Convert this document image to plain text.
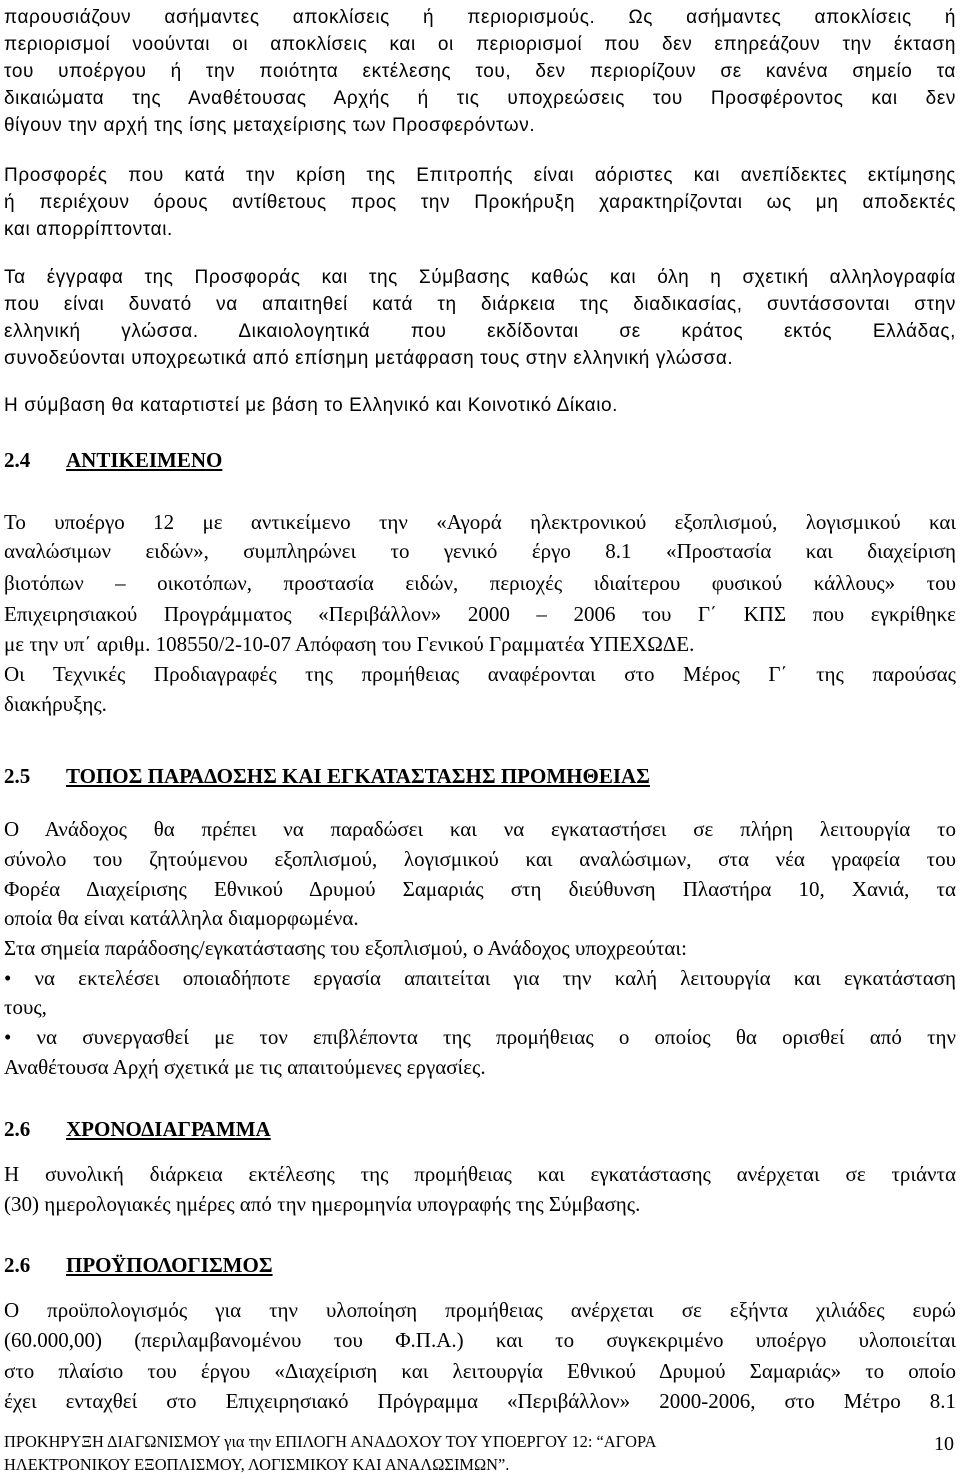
παρουσιάζουν ασήμαντες αποκλίσεις ή περιορισμούς. Ως ασήμαντες αποκλίσεις ή
περιορισμοί νοούνται οι αποκλίσεις και οι περιορισμοί που δεν επηρεάζουν την έκταση
του υποέργου ή την ποιότητα εκτέλεσης του, δεν περιορίζουν σε κανένα σημείο τα
δικαιώματα της Αναθέτουσας Αρχής ή τις υποχρεώσεις του Προσφέροντος και δεν
θίγουν την αρχή της ίσης μεταχείρισης των Προσφερόντων.
Προσφορές που κατά την κρίση της Επιτροπής είναι αόριστες και ανεπίδεκτες εκτίμησης
ή περιέχουν όρους αντίθετους προς την Προκήρυξη χαρακτηρίζονται ως μη αποδεκτές
και απορρίπτονται.
Τα έγγραφα της Προσφοράς και της Σύμβασης καθώς και όλη η σχετική αλληλογραφία
που είναι δυνατό να απαιτηθεί κατά τη διάρκεια της διαδικασίας, συντάσσονται στην
ελληνική γλώσσα. Δικαιολογητικά που εκδίδονται σε κράτος εκτός Ελλάδας,
συνοδεύονται υποχρεωτικά από επίσημη μετάφραση τους στην ελληνική γλώσσα.
Η σύμβαση θα καταρτιστεί με βάση το Ελληνικό και Κοινοτικό Δίκαιο.
2.4 ΑΝΤΙΚΕΙΜΕΝΟ
Το υποέργο 12 με αντικείμενο την «Αγορά ηλεκτρονικού εξοπλισμού, λογισμικού και
αναλώσιμων ειδών», συμπληρώνει το γενικό έργο 8.1 «Προστασία και διαχείριση
βιοτόπων – οικοτόπων, προστασία ειδών, περιοχές ιδιαίτερου φυσικού κάλλους» του
Επιχειρησιακού Προγράμματος «Περιβάλλον» 2000 – 2006 του Γ΄ ΚΠΣ που εγκρίθηκε
με την υπ΄ αριθμ. 108550/2-10-07 Απόφαση του Γενικού Γραμματέα ΥΠΕΧΩΔΕ.
Οι Τεχνικές Προδιαγραφές της προμήθειας αναφέρονται στο Μέρος Γ΄ της παρούσας
διακήρυξης.
2.5 ΤΟΠΟΣ ΠΑΡΑΔΟΣΗΣ ΚΑΙ ΕΓΚΑΤΑΣΤΑΣΗΣ ΠΡΟΜΗΘΕΙΑΣ
Ο Ανάδοχος θα πρέπει να παραδώσει και να εγκαταστήσει σε πλήρη λειτουργία το
σύνολο του ζητούμενου εξοπλισμού, λογισμικού και αναλώσιμων, στα νέα γραφεία του
Φορέα Διαχείρισης Εθνικού Δρυμού Σαμαριάς στη διεύθυνση Πλαστήρα 10, Χανιά, τα
οποία θα είναι κατάλληλα διαμορφωμένα.
Στα σημεία παράδοσης/εγκατάστασης του εξοπλισμού, ο Ανάδοχος υποχρεούται:
• να εκτελέσει οποιαδήποτε εργασία απαιτείται για την καλή λειτουργία και εγκατάσταση
τους,
• να συνεργασθεί με τον επιβλέποντα της προμήθειας ο οποίος θα ορισθεί από την
Αναθέτουσα Αρχή σχετικά με τις απαιτούμενες εργασίες.
2.6 ΧΡΟΝΟΔΙΑΓΡΑΜΜΑ
Η συνολική διάρκεια εκτέλεσης της προμήθειας και εγκατάστασης ανέρχεται σε τριάντα
(30) ημερολογιακές ημέρες από την ημερομηνία υπογραφής της Σύμβασης.
2.6 ΠΡΟΫΠΟΛΟΓΙΣΜΟΣ
Ο προϋπολογισμός για την υλοποίηση προμήθειας ανέρχεται σε εξήντα χιλιάδες ευρώ
(60.000,00) (περιλαμβανομένου του Φ.Π.Α.) και το συγκεκριμένο υποέργο υλοποιείται
στο πλαίσιο του έργου «Διαχείριση και λειτουργία Εθνικού Δρυμού Σαμαριάς» το οποίο
έχει ενταχθεί στο Επιχειρησιακό Πρόγραμμα «Περιβάλλον» 2000-2006, στο Μέτρο 8.1
ΠΡΟΚΗΡΥΞΗ ΔΙΑΓΩΝΙΣΜΟΥ για την ΕΠΙΛΟΓΗ ΑΝΑΔΟΧΟΥ ΤΟΥ ΥΠΟΕΡΓΟΥ 12: “ΑΓΟΡΑ
ΗΛΕΚΤΡΟΝΙΚΟΥ ΕΞΟΠΛΙΣΜΟΥ, ΛΟΓΙΣΜΙΚΟΥ ΚΑΙ ΑΝΑΛΩΣΙΜΩΝ”.
10
